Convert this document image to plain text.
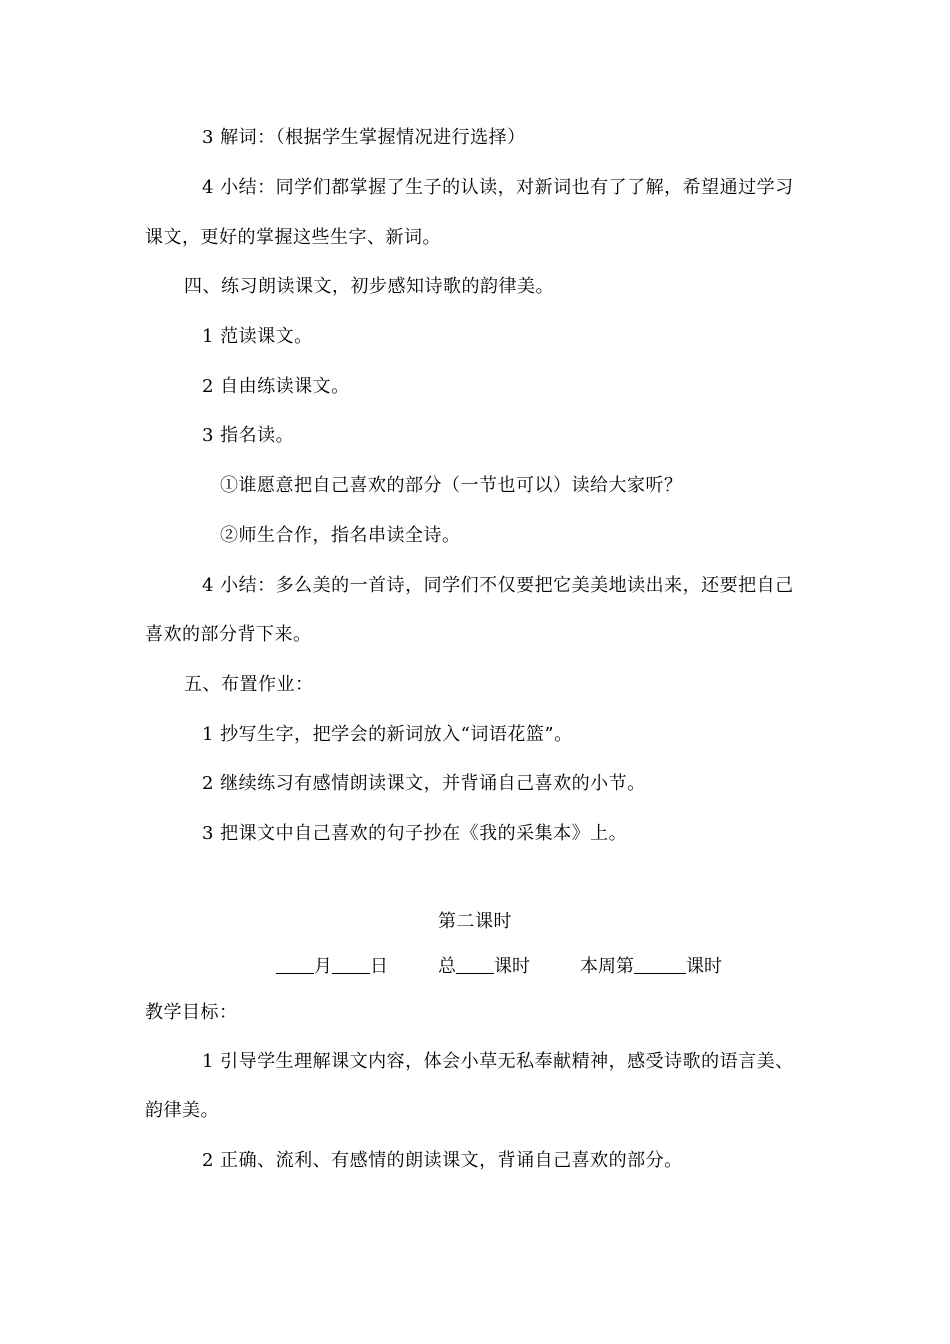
3 解词：（根据学生掌握情况进行选择）
4 小结：同学们都掌握了生子的认读，对新词也有了了解，希望通过学习
课文，更好的掌握这些生字、新词。
四、练习朗读课文，初步感知诗歌的韵律美。
1 范读课文。
2 自由练读课文。
3 指名读。
①谁愿意把自己喜欢的部分（一节也可以）读给大家听？
②师生合作，指名串读全诗。
4 小结：多么美的一首诗，同学们不仅要把它美美地读出来，还要把自己
喜欢的部分背下来。
五、布置作业：
1 抄写生字，把学会的新词放入“词语花篮”。
2 继续练习有感情朗读课文，并背诵自己喜欢的小节。
3 把课文中自己喜欢的句子抄在《我的采集本》上。
第二课时
月 日	总 课时	本周第	课时
教学目标：
1 引导学生理解课文内容，体会小草无私奉献精神，感受诗歌的语言美、
韵律美。
2 正确、流利、有感情的朗读课文，背诵自己喜欢的部分。
